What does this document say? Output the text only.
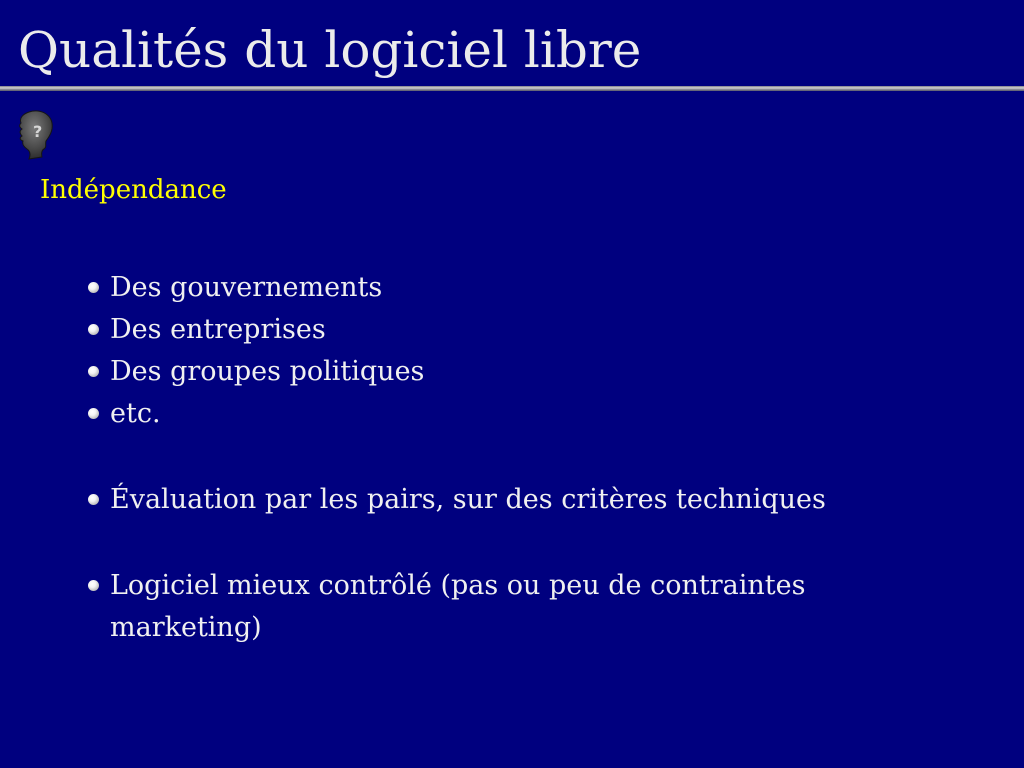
Qualités du logiciel libre
?
Indépendance
Des gouvernements
Des entreprises
Des groupes politiques
etc.
Évaluation par les pairs, sur des critères techniques
Logiciel mieux contrôlé (pas ou peu de contraintes marketing)
